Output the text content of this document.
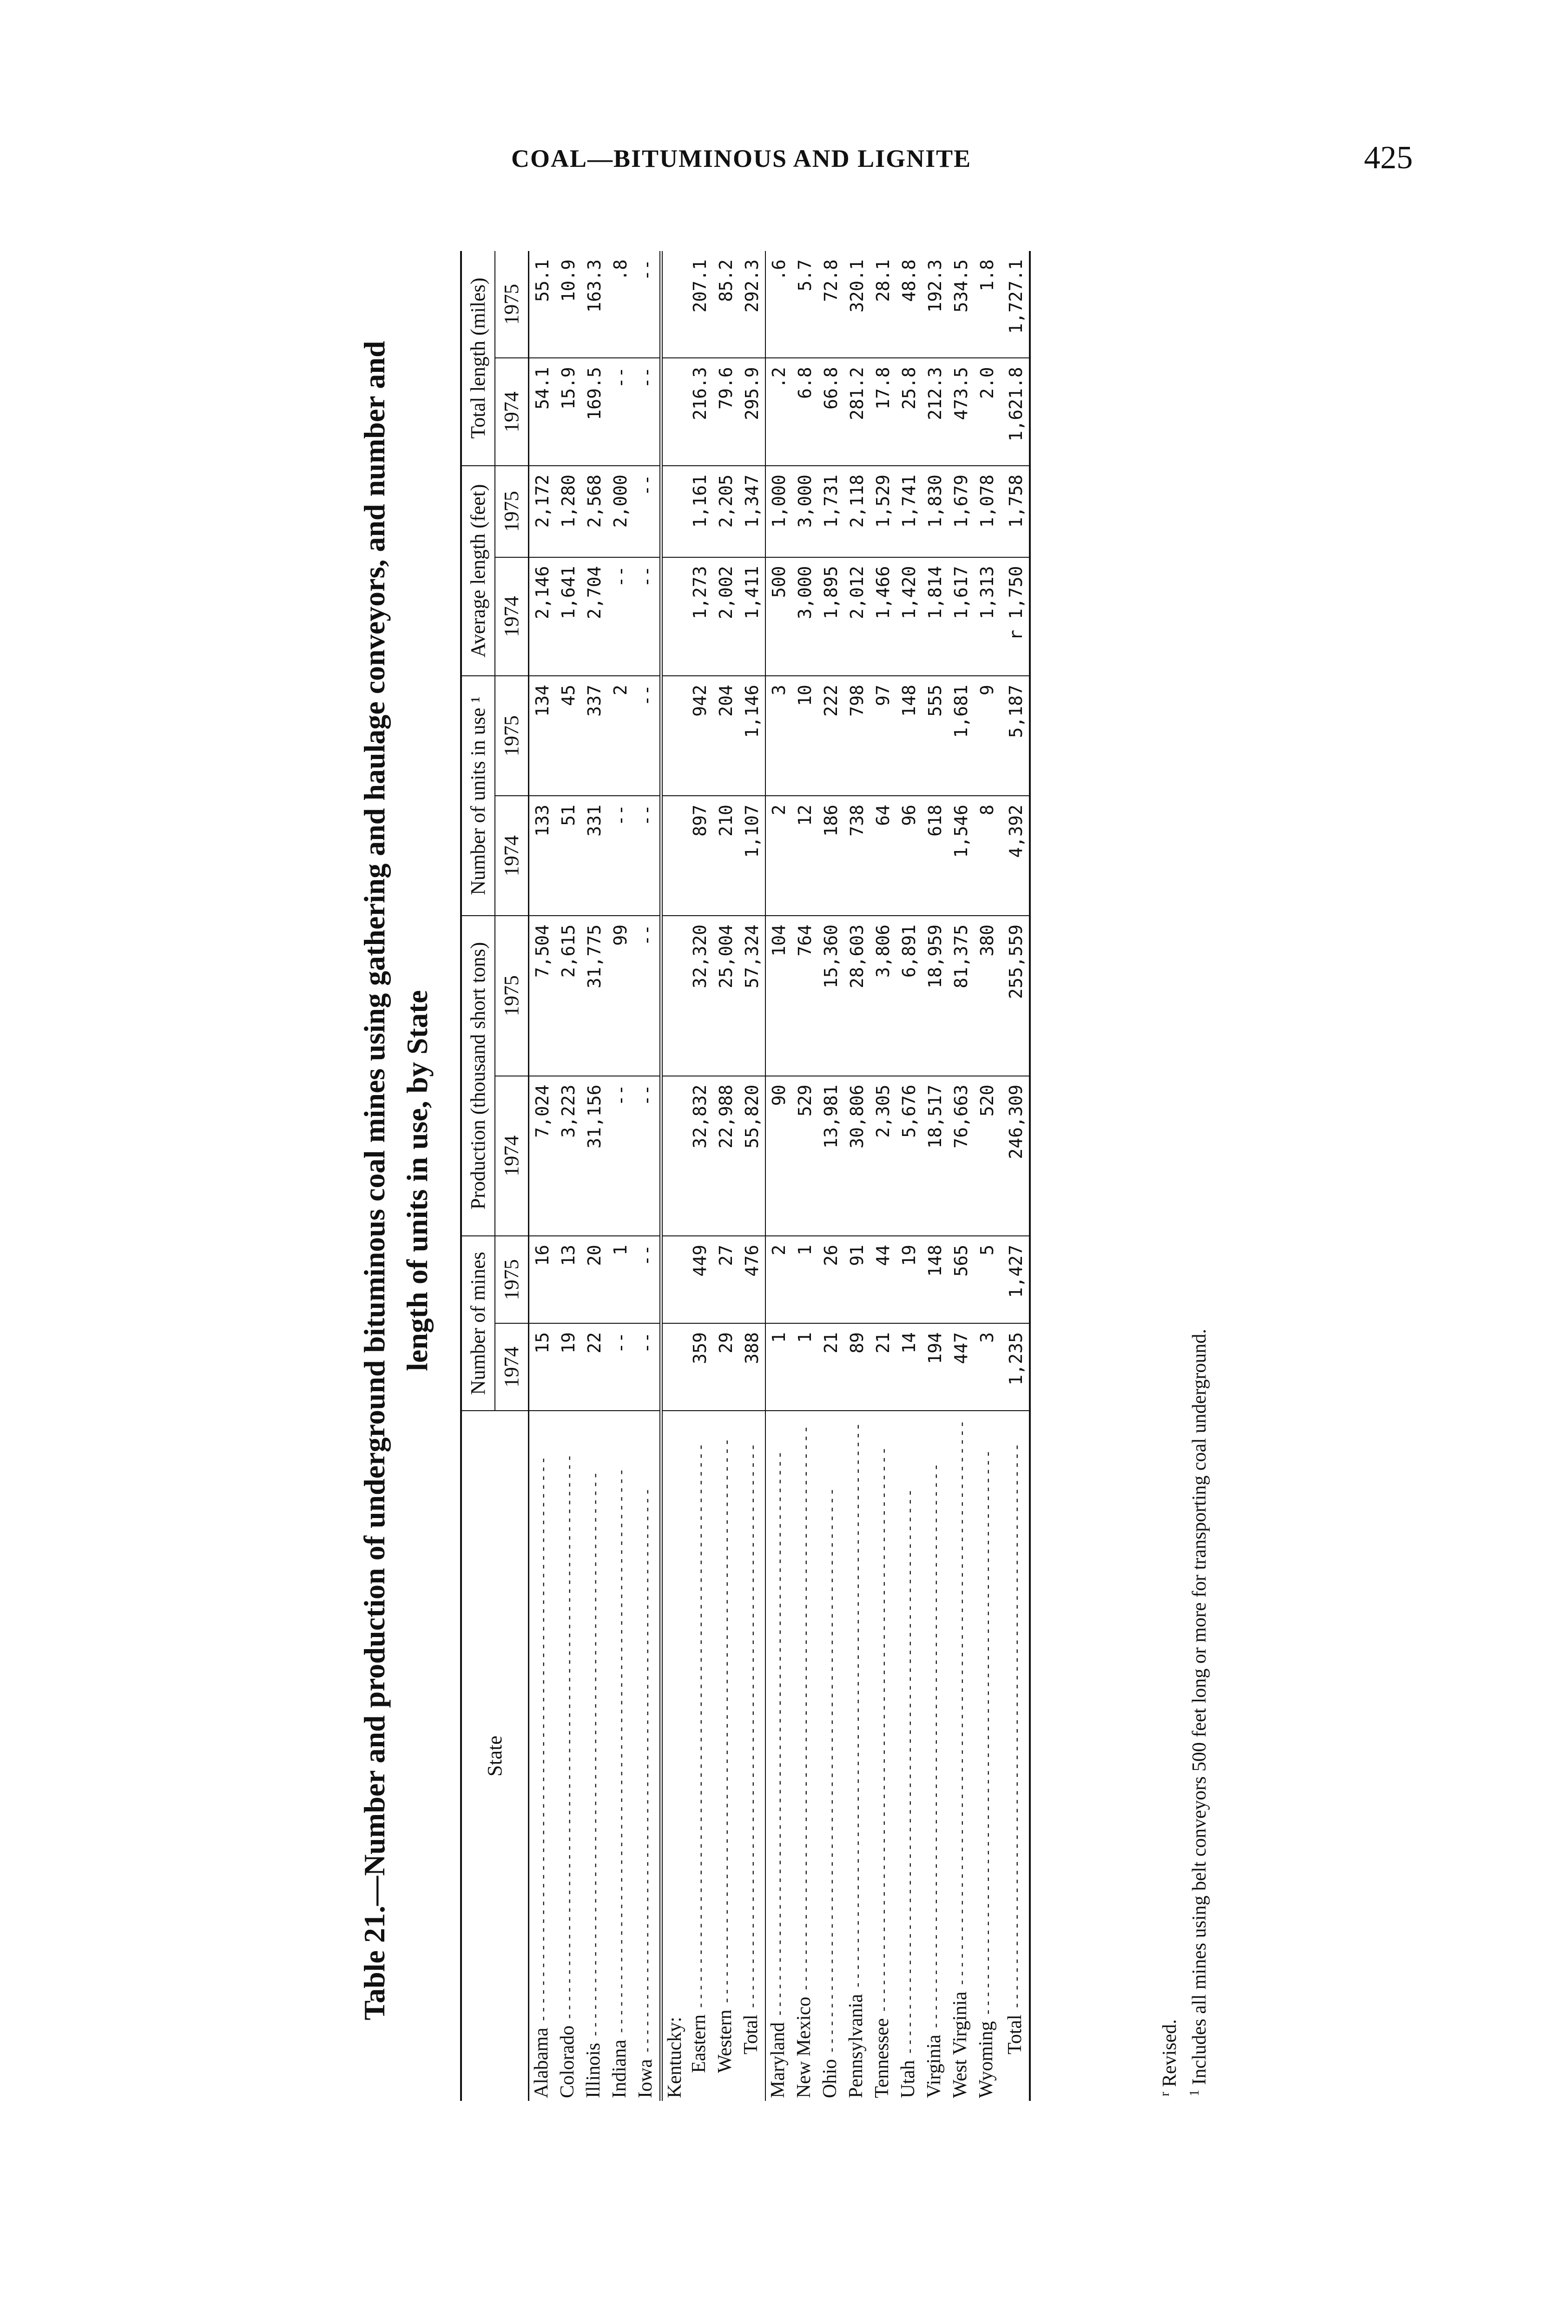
COAL—BITUMINOUS AND LIGNITE	425
Table 21.—Number and production of underground bituminous coal mines using gathering and haulage conveyors, and number and length of units in use, by State
State	Number of mines		Production (thousand short tons)		Number of units in use ¹		Average length (feet)		Total length (miles)	
	1974	1975	1974	1975	1974	1975	1974	1975	1974	1975
Alabama ----------------------------------------------------------------	15	16	7,024	7,504	133	134	2,146	2,172	54.1	55.1
Colorado ----------------------------------------------------------------	19	13	3,223	2,615	51	45	1,641	1,280	15.9	10.9
Illinois ----------------------------------------------------------------	22	20	31,156	31,775	331	337	2,704	2,568	169.5	163.3
Indiana ----------------------------------------------------------------	--	1	--	99	--	2	--	2,000	--	.8
Iowa ----------------------------------------------------------------	--	--	--	--	--	--	--	--	--	--
Kentucky:										
Eastern ----------------------------------------------------------------	359	449	32,832	32,320	897	942	1,273	1,161	216.3	207.1
Western ----------------------------------------------------------------	29	27	22,988	25,004	210	204	2,002	2,205	79.6	85.2
Total ----------------------------------------------------------------	388	476	55,820	57,324	1,107	1,146	1,411	1,347	295.9	292.3
Maryland ----------------------------------------------------------------	1	2	90	104	2	3	500	1,000	.2	.6
New Mexico ----------------------------------------------------------------	1	1	529	764	12	10	3,000	3,000	6.8	5.7
Ohio ----------------------------------------------------------------	21	26	13,981	15,360	186	222	1,895	1,731	66.8	72.8
Pennsylvania ----------------------------------------------------------------	89	91	30,806	28,603	738	798	2,012	2,118	281.2	320.1
Tennessee ----------------------------------------------------------------	21	44	2,305	3,806	64	97	1,466	1,529	17.8	28.1
Utah ----------------------------------------------------------------	14	19	5,676	6,891	96	148	1,420	1,741	25.8	48.8
Virginia ----------------------------------------------------------------	194	148	18,517	18,959	618	555	1,814	1,830	212.3	192.3
West Virginia ----------------------------------------------------------------	447	565	76,663	81,375	1,546	1,681	1,617	1,679	473.5	534.5
Wyoming ----------------------------------------------------------------	3	5	520	380	8	9	1,313	1,078	2.0	1.8
Total ----------------------------------------------------------------	1,235	1,427	246,309	255,559	4,392	5,187	r 1,750	1,758	1,621.8	1,727.1
$^r$ Revised.
$^1$ Includes all mines using belt conveyors 500 feet long or more for transporting coal underground.
